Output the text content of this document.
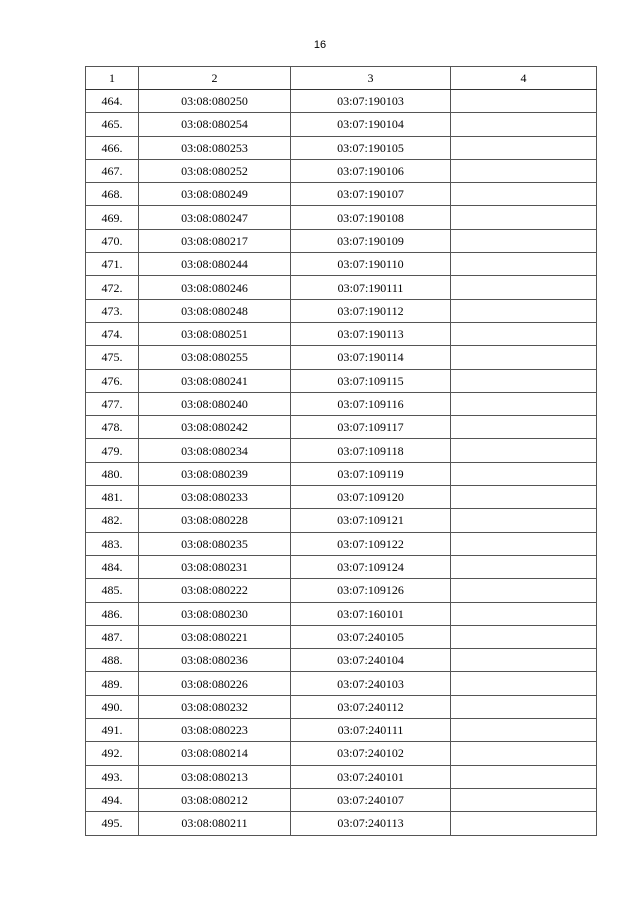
16
1	2	3	4
464.	03:08:080250	03:07:190103	
465.	03:08:080254	03:07:190104	
466.	03:08:080253	03:07:190105	
467.	03:08:080252	03:07:190106	
468.	03:08:080249	03:07:190107	
469.	03:08:080247	03:07:190108	
470.	03:08:080217	03:07:190109	
471.	03:08:080244	03:07:190110	
472.	03:08:080246	03:07:190111	
473.	03:08:080248	03:07:190112	
474.	03:08:080251	03:07:190113	
475.	03:08:080255	03:07:190114	
476.	03:08:080241	03:07:109115	
477.	03:08:080240	03:07:109116	
478.	03:08:080242	03:07:109117	
479.	03:08:080234	03:07:109118	
480.	03:08:080239	03:07:109119	
481.	03:08:080233	03:07:109120	
482.	03:08:080228	03:07:109121	
483.	03:08:080235	03:07:109122	
484.	03:08:080231	03:07:109124	
485.	03:08:080222	03:07:109126	
486.	03:08:080230	03:07:160101	
487.	03:08:080221	03:07:240105	
488.	03:08:080236	03:07:240104	
489.	03:08:080226	03:07:240103	
490.	03:08:080232	03:07:240112	
491.	03:08:080223	03:07:240111	
492.	03:08:080214	03:07:240102	
493.	03:08:080213	03:07:240101	
494.	03:08:080212	03:07:240107	
495.	03:08:080211	03:07:240113	
